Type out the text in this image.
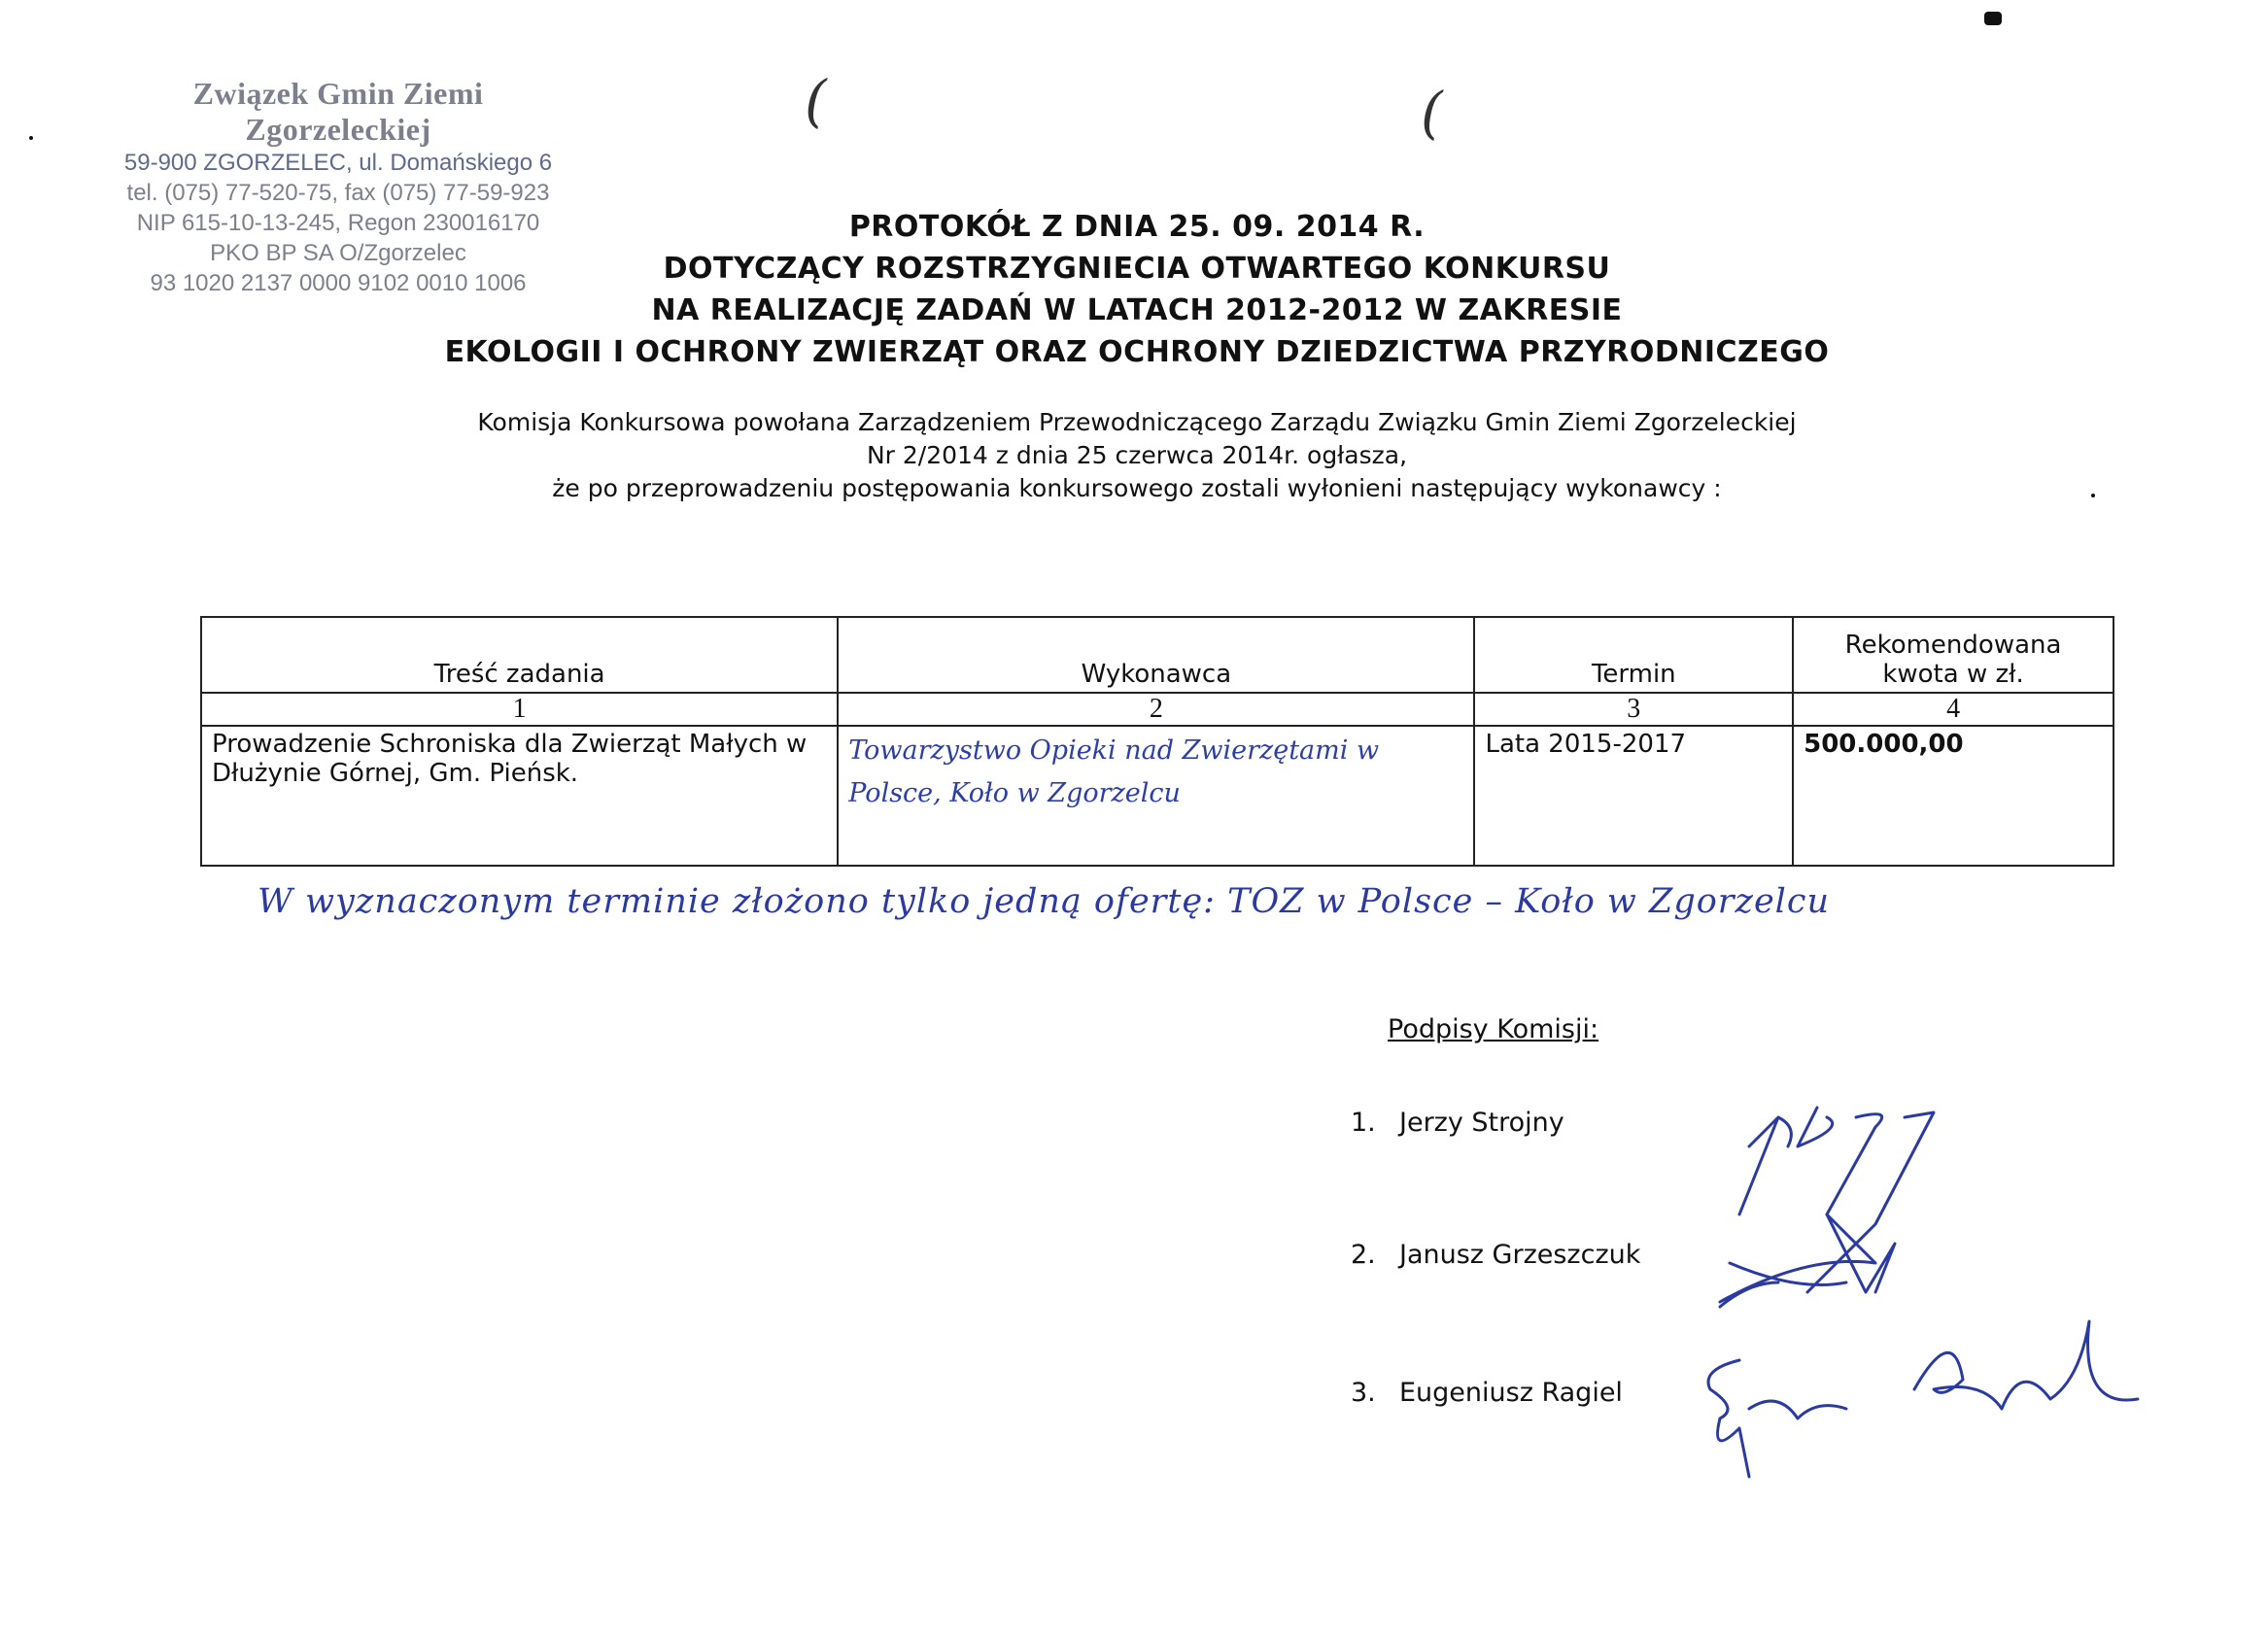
Związek Gmin Ziemi Zgorzeleckiej
59-900 ZGORZELEC, ul. Domańskiego 6
tel. (075) 77-520-75, fax (075) 77-59-923
NIP 615-10-13-245, Regon 230016170
PKO BP SA O/Zgorzelec
93 1020 2137 0000 9102 0010 1006
(	(
PROTOKÓŁ Z DNIA 25. 09. 2014 R.
DOTYCZĄCY ROZSTRZYGNIECIA OTWARTEGO KONKURSU
NA REALIZACJĘ ZADAŃ W LATACH 2012-2012 W ZAKRESIE
EKOLOGII I OCHRONY ZWIERZĄT ORAZ OCHRONY DZIEDZICTWA PRZYRODNICZEGO
Komisja Konkursowa powołana Zarządzeniem Przewodniczącego Zarządu Związku Gmin Ziemi Zgorzeleckiej
Nr 2/2014 z dnia 25 czerwca 2014r. ogłasza,
że po przeprowadzeniu postępowania konkursowego zostali wyłonieni następujący wykonawcy :
Treść zadania	Wykonawca	Termin	Rekomendowana kwota w zł.
1	2	3	4
Prowadzenie Schroniska dla Zwierząt Małych w Dłużynie Górnej, Gm. Pieńsk.	Towarzystwo Opieki nad Zwierzętami w Polsce, Koło w Zgorzelcu	Lata 2015-2017	500.000,00
W wyznaczonym terminie złożono tylko jedną ofertę: TOZ w Polsce – Koło w Zgorzelcu
Podpisy Komisji:
1. Jerzy Strojny
2. Janusz Grzeszczuk
3. Eugeniusz Ragiel
